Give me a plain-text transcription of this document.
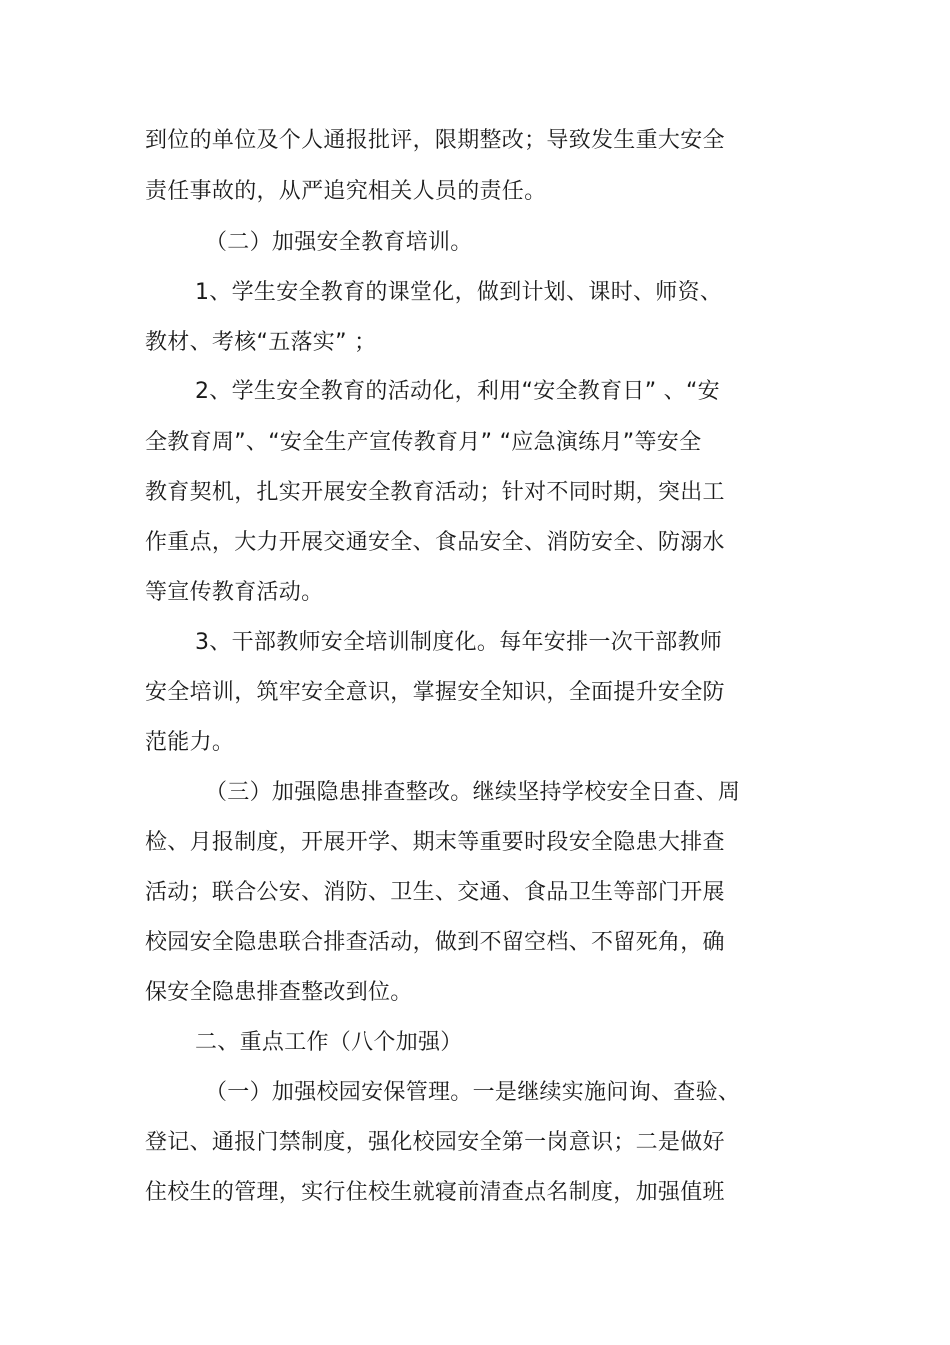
到位的单位及个人通报批评，限期整改；导致发生重大安全
责任事故的，从严追究相关人员的责任。
（二）加强安全教育培训。
1、学生安全教育的课堂化，做到计划、课时、师资、
教材、考核“五落实” ；
2、学生安全教育的活动化，利用“安全教育日” 、“安
全教育周”、“安全生产宣传教育月” “应急演练月”等安全
教育契机，扎实开展安全教育活动；针对不同时期，突出工
作重点，大力开展交通安全、食品安全、消防安全、防溺水
等宣传教育活动。
3、干部教师安全培训制度化。每年安排一次干部教师
安全培训，筑牢安全意识，掌握安全知识，全面提升安全防
范能力。
（三）加强隐患排查整改。继续坚持学校安全日查、周
检、月报制度，开展开学、期末等重要时段安全隐患大排查
活动；联合公安、消防、卫生、交通、食品卫生等部门开展
校园安全隐患联合排查活动，做到不留空档、不留死角，确
保安全隐患排查整改到位。
二、重点工作（八个加强）
（一）加强校园安保管理。一是继续实施问询、查验、
登记、通报门禁制度，强化校园安全第一岗意识；二是做好
住校生的管理，实行住校生就寝前清查点名制度，加强值班
